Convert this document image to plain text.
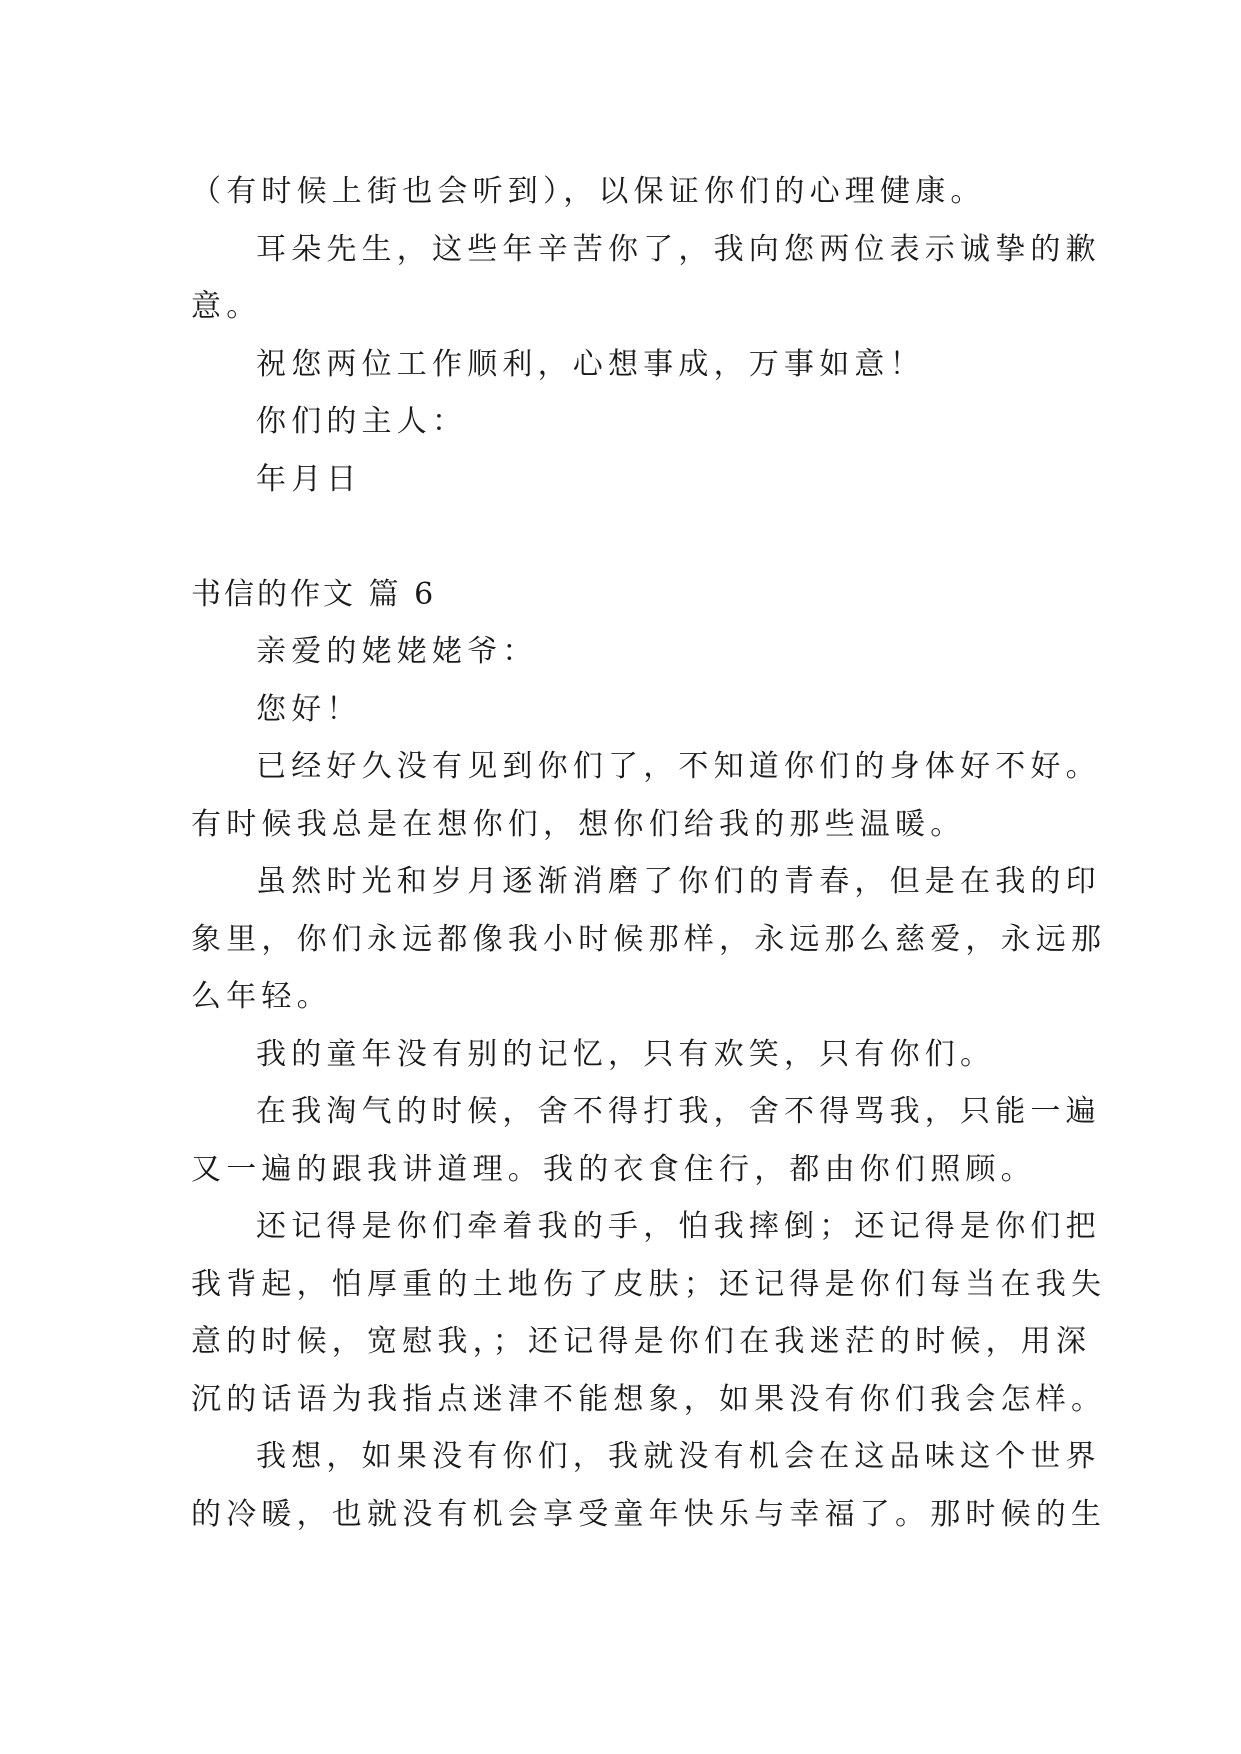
（有时候上街也会听到），以保证你们的心理健康。

耳朵先生，这些年辛苦你了，我向您两位表示诚挚的歉

意。

祝您两位工作顺利，心想事成，万事如意！

你们的主人：

年月日

书信的作文 篇 6

亲爱的姥姥姥爷：

您好！

已经好久没有见到你们了，不知道你们的身体好不好。

有时候我总是在想你们，想你们给我的那些温暖。

虽然时光和岁月逐渐消磨了你们的青春，但是在我的印

象里，你们永远都像我小时候那样，永远那么慈爱，永远那

么年轻。

我的童年没有别的记忆，只有欢笑，只有你们。

在我淘气的时候，舍不得打我，舍不得骂我，只能一遍

又一遍的跟我讲道理。我的衣食住行，都由你们照顾。

还记得是你们牵着我的手，怕我摔倒；还记得是你们把

我背起，怕厚重的土地伤了皮肤；还记得是你们每当在我失

意的时候，宽慰我，；还记得是你们在我迷茫的时候，用深

沉的话语为我指点迷津不能想象，如果没有你们我会怎样。

我想，如果没有你们，我就没有机会在这品味这个世界

的冷暖，也就没有机会享受童年快乐与幸福了。那时候的生
